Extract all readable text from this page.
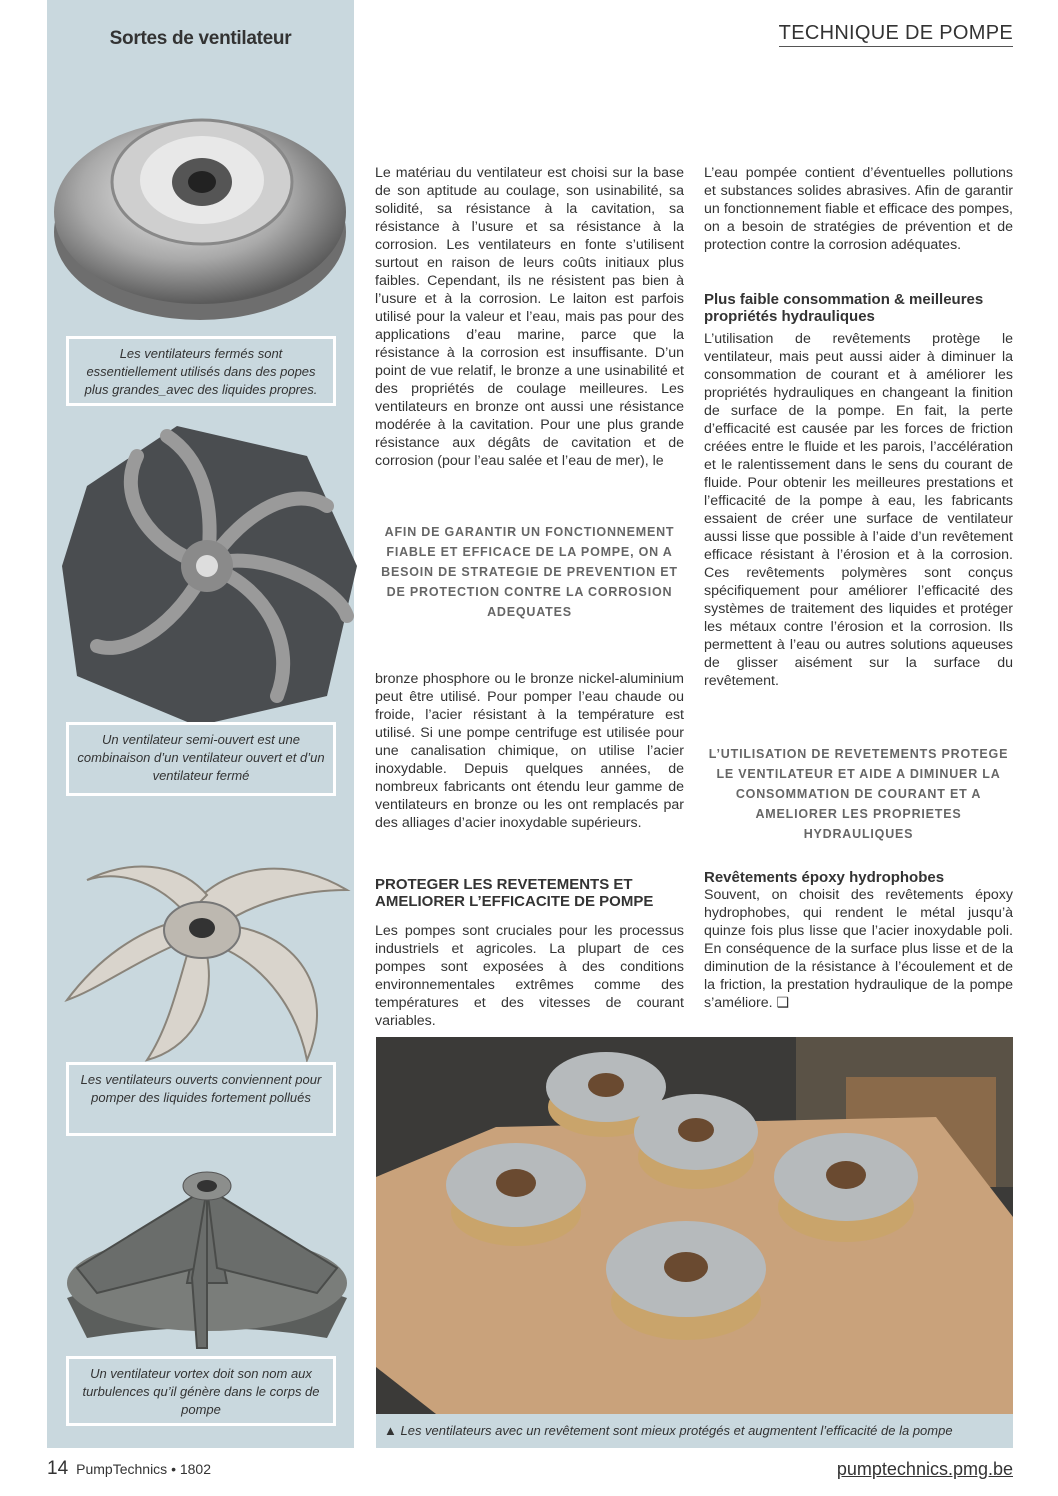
TECHNIQUE DE POMPE
Sortes de ventilateur
Les ventilateurs fermés sont essentiellement utilisés dans des popes plus grandes_avec des liquides propres.
Un ventilateur semi-ouvert est une combinaison d’un ventilateur ouvert et d’un ventilateur fermé
Les ventilateurs ouverts conviennent pour pomper des liquides fortement pollués
Un ventilateur vortex doit son nom aux turbulences qu’il génère dans le corps de pompe
Le matériau du ventilateur est choisi sur la base de son aptitude au coulage, son usinabilité, sa solidité, sa résistance à la cavitation, sa résistance à l’usure et sa résistance à la corrosion. Les ventilateurs en fonte s’utilisent surtout en raison de leurs coûts initiaux plus faibles. Cependant, ils ne résistent pas bien à l’usure et à la corrosion. Le laiton est parfois utilisé pour la valeur et l’eau, mais pas pour des applications d’eau marine, parce que la résistance à la corrosion est insuffisante. D’un point de vue relatif, le bronze a une usinabilité et des propriétés de coulage meilleures. Les ventilateurs en bronze ont aussi une résistance modérée à la cavitation. Pour une plus grande résistance aux dégâts de cavitation et de corrosion (pour l’eau salée et l’eau de mer), le
AFIN DE GARANTIR UN FONCTIONNEMENT FIABLE ET EFFICACE DE LA POMPE, ON A BESOIN DE STRATEGIE DE PREVENTION ET DE PROTECTION CONTRE LA CORROSION ADEQUATES
bronze phosphore ou le bronze nickel-aluminium peut être utilisé. Pour pomper l’eau chaude ou froide, l’acier résistant à la température est utilisé. Si une pompe centrifuge est utilisée pour une canalisation chimique, on utilise l’acier inoxydable. Depuis quelques années, de nombreux fabricants ont étendu leur gamme de ventilateurs en bronze ou les ont remplacés par des alliages d’acier inoxydable supérieurs.
PROTEGER LES REVETEMENTS ET AMELIORER L’EFFICACITE DE POMPE
Les pompes sont cruciales pour les processus industriels et agricoles. La plupart de ces pompes sont exposées à des conditions environnementales extrêmes comme des températures et des vitesses de courant variables.
L’eau pompée contient d’éventuelles pollutions et substances solides abrasives. Afin de garantir un fonctionnement fiable et efficace des pompes, on a besoin de stratégies de prévention et de protection contre la corrosion adéquates.
Plus faible consommation & meilleures propriétés hydrauliques
L’utilisation de revêtements protège le ventilateur, mais peut aussi aider à diminuer la consommation de courant et à améliorer les propriétés hydrauliques en changeant la finition de surface de la pompe. En fait, la perte d’efficacité est causée par les forces de friction créées entre le fluide et les parois, l’accélération et le ralentissement dans le sens du courant de fluide. Pour obtenir les meilleures prestations et l’efficacité de la pompe à eau, les fabricants essaient de créer une surface de ventilateur aussi lisse que possible à l’aide d’un revêtement efficace résistant à l’érosion et à la corrosion. Ces revêtements polymères sont conçus spécifiquement pour améliorer l’efficacité des systèmes de traitement des liquides et protéger les métaux contre l’érosion et la corrosion. Ils permettent à l’eau ou autres solutions aqueuses de glisser aisément sur la surface du revêtement.
L’UTILISATION DE REVETEMENTS PROTEGE LE VENTILATEUR ET AIDE A DIMINUER LA CONSOMMATION DE COURANT ET A AMELIORER LES PROPRIETES HYDRAULIQUES
Revêtements époxy hydrophobes
Souvent, on choisit des revêtements époxy hydrophobes, qui rendent le métal jusqu’à quinze fois plus lisse que l’acier inoxydable poli. En conséquence de la surface plus lisse et de la diminution de la résistance à l’écoulement et de la friction, la prestation hydraulique de la pompe s’améliore. ❑
▲ Les ventilateurs avec un revêtement sont mieux protégés et augmentent l’efficacité de la pompe
14 PumpTechnics • 1802	pumptechnics.pmg.be
